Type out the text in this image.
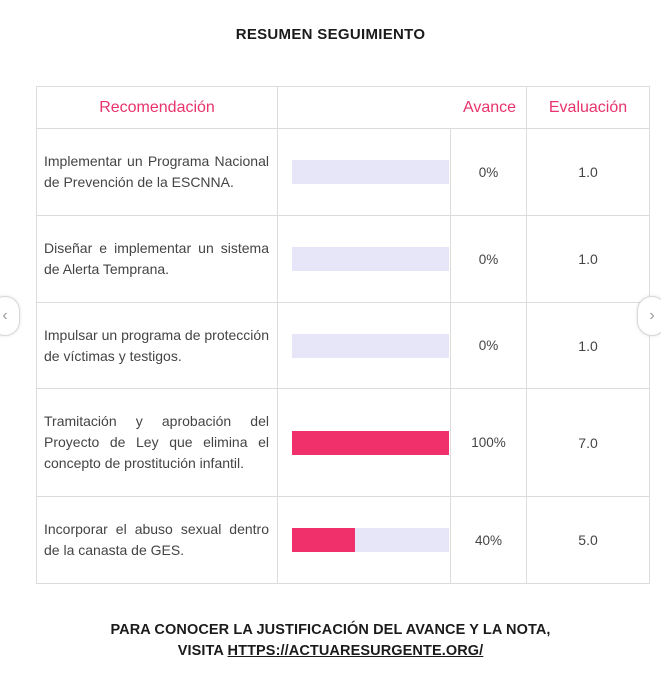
RESUMEN SEGUIMIENTO
Recomendación	Avance		Evaluación
Implementar un Programa Nacional de Prevención de la ESCNNA.		0%	1.0
Diseñar e implementar un sistema de Alerta Temprana.		0%	1.0
Impulsar un programa de protección de víctimas y testigos.		0%	1.0
Tramitación y aprobación del Proyecto de Ley que elimina el concepto de prostitución infantil.		100%	7.0
Incorporar el abuso sexual dentro de la canasta de GES.		40%	5.0
‹	›
PARA CONOCER LA JUSTIFICACIÓN DEL AVANCE Y LA NOTA,
VISITA HTTPS://ACTUARESURGENTE.ORG/
